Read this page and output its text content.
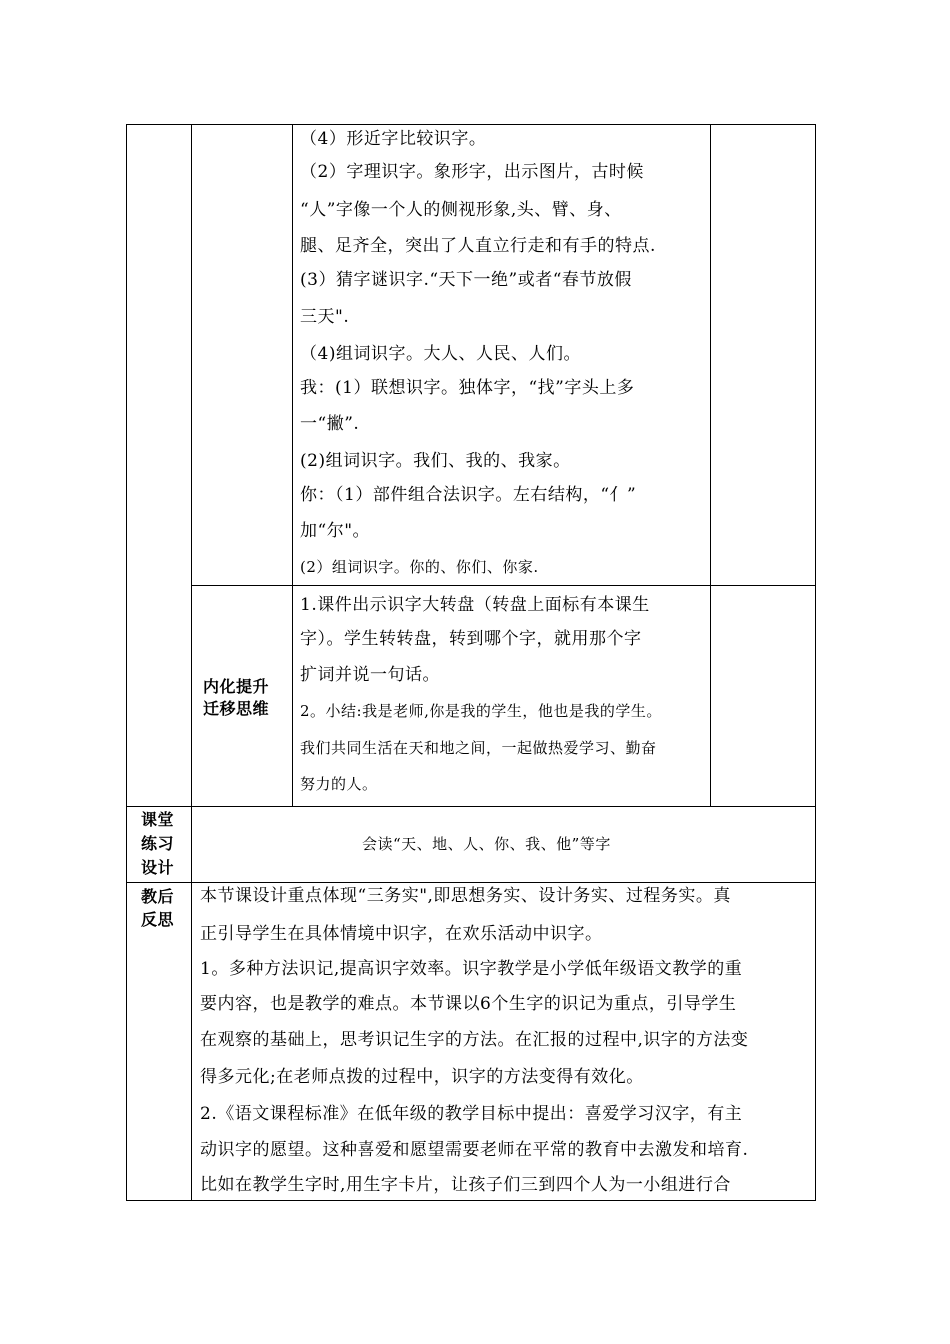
（4）形近字比较识字。
（2）字理识字。象形字，出示图片，古时候
“人”字像一个人的侧视形象,头、臂、身、
腿、足齐全，突出了人直立行走和有手的特点.
(3）猜字谜识字.“天下一绝”或者“春节放假
三天".
（4)组词识字。大人、人民、人们。
我：(1）联想识字。独体字，“找”字头上多
一“撇”.
(2)组词识字。我们、我的、我家。
你：（1）部件组合法识字。左右结构，“亻”
加“尔"。
(2）组词识字。你的、你们、你家.
内化提升
迁移思维
1.课件出示识字大转盘（转盘上面标有本课生
字）。学生转转盘，转到哪个字，就用那个字
扩词并说一句话。
2。小结:我是老师,你是我的学生，他也是我的学生。
我们共同生活在天和地之间，一起做热爱学习、勤奋
努力的人。
课堂
练习
设计
会读“天、地、人、你、我、他”等字
教后
反思
本节课设计重点体现“三务实",即思想务实、设计务实、过程务实。真
正引导学生在具体情境中识字，在欢乐活动中识字。
1。多种方法识记,提高识字效率。识字教学是小学低年级语文教学的重
要内容，也是教学的难点。本节课以6个生字的识记为重点，引导学生
在观察的基础上，思考识记生字的方法。在汇报的过程中,识字的方法变
得多元化;在老师点拨的过程中，识字的方法变得有效化。
2.《语文课程标准》在低年级的教学目标中提出：喜爱学习汉字，有主
动识字的愿望。这种喜爱和愿望需要老师在平常的教育中去激发和培育.
比如在教学生字时,用生字卡片，让孩子们三到四个人为一小组进行合
